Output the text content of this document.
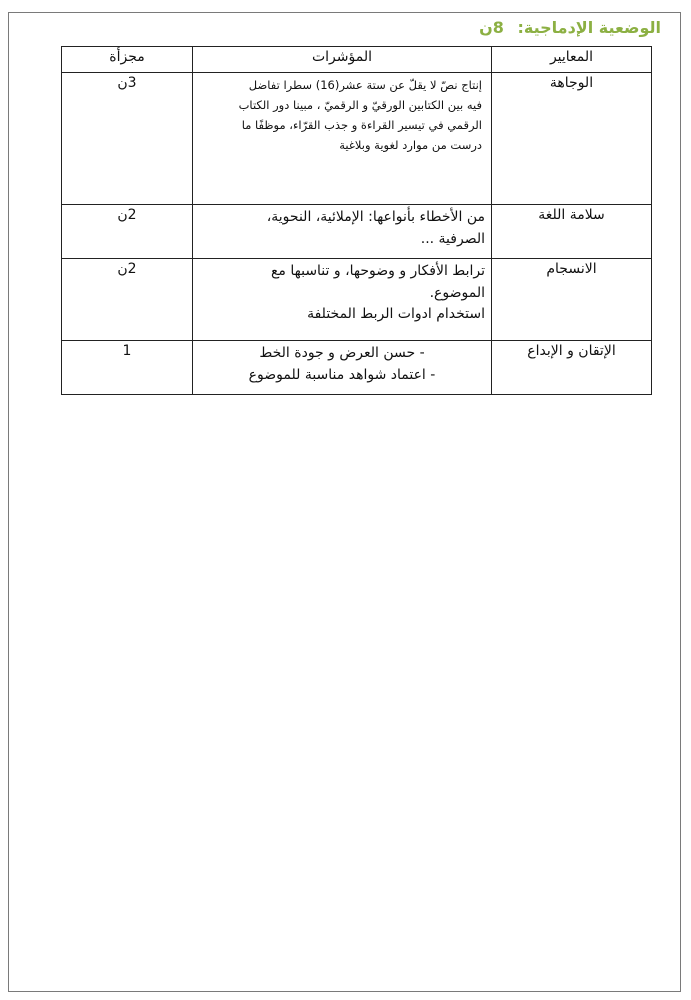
الوضعية الإدماجية: 8ن
المعايير	المؤشرات	مجزأة
الوجاهة	إنتاج نصّ لا يقلّ عن ستة عشر(16) سطرا تفاضل
فيه بين الكتابين الورقيّ و الرقميّ ، مبينا دور الكتاب
الرقمي في تيسير القراءة و جذب القرّاء، موظفًا ما
درست من موارد لغوية وبلاغية	3ن
سلامة اللغة	من الأخطاء بأنواعها: الإملائية، النحوية،
الصرفية ...	2ن
الانسجام	ترابط الأفكار و وضوحها، و تناسبها مع
الموضوع.
استخدام ادوات الربط المختلفة	2ن
الإتقان و الإبداع	- حسن العرض و جودة الخط
- اعتماد شواهد مناسبة للموضوع	1
